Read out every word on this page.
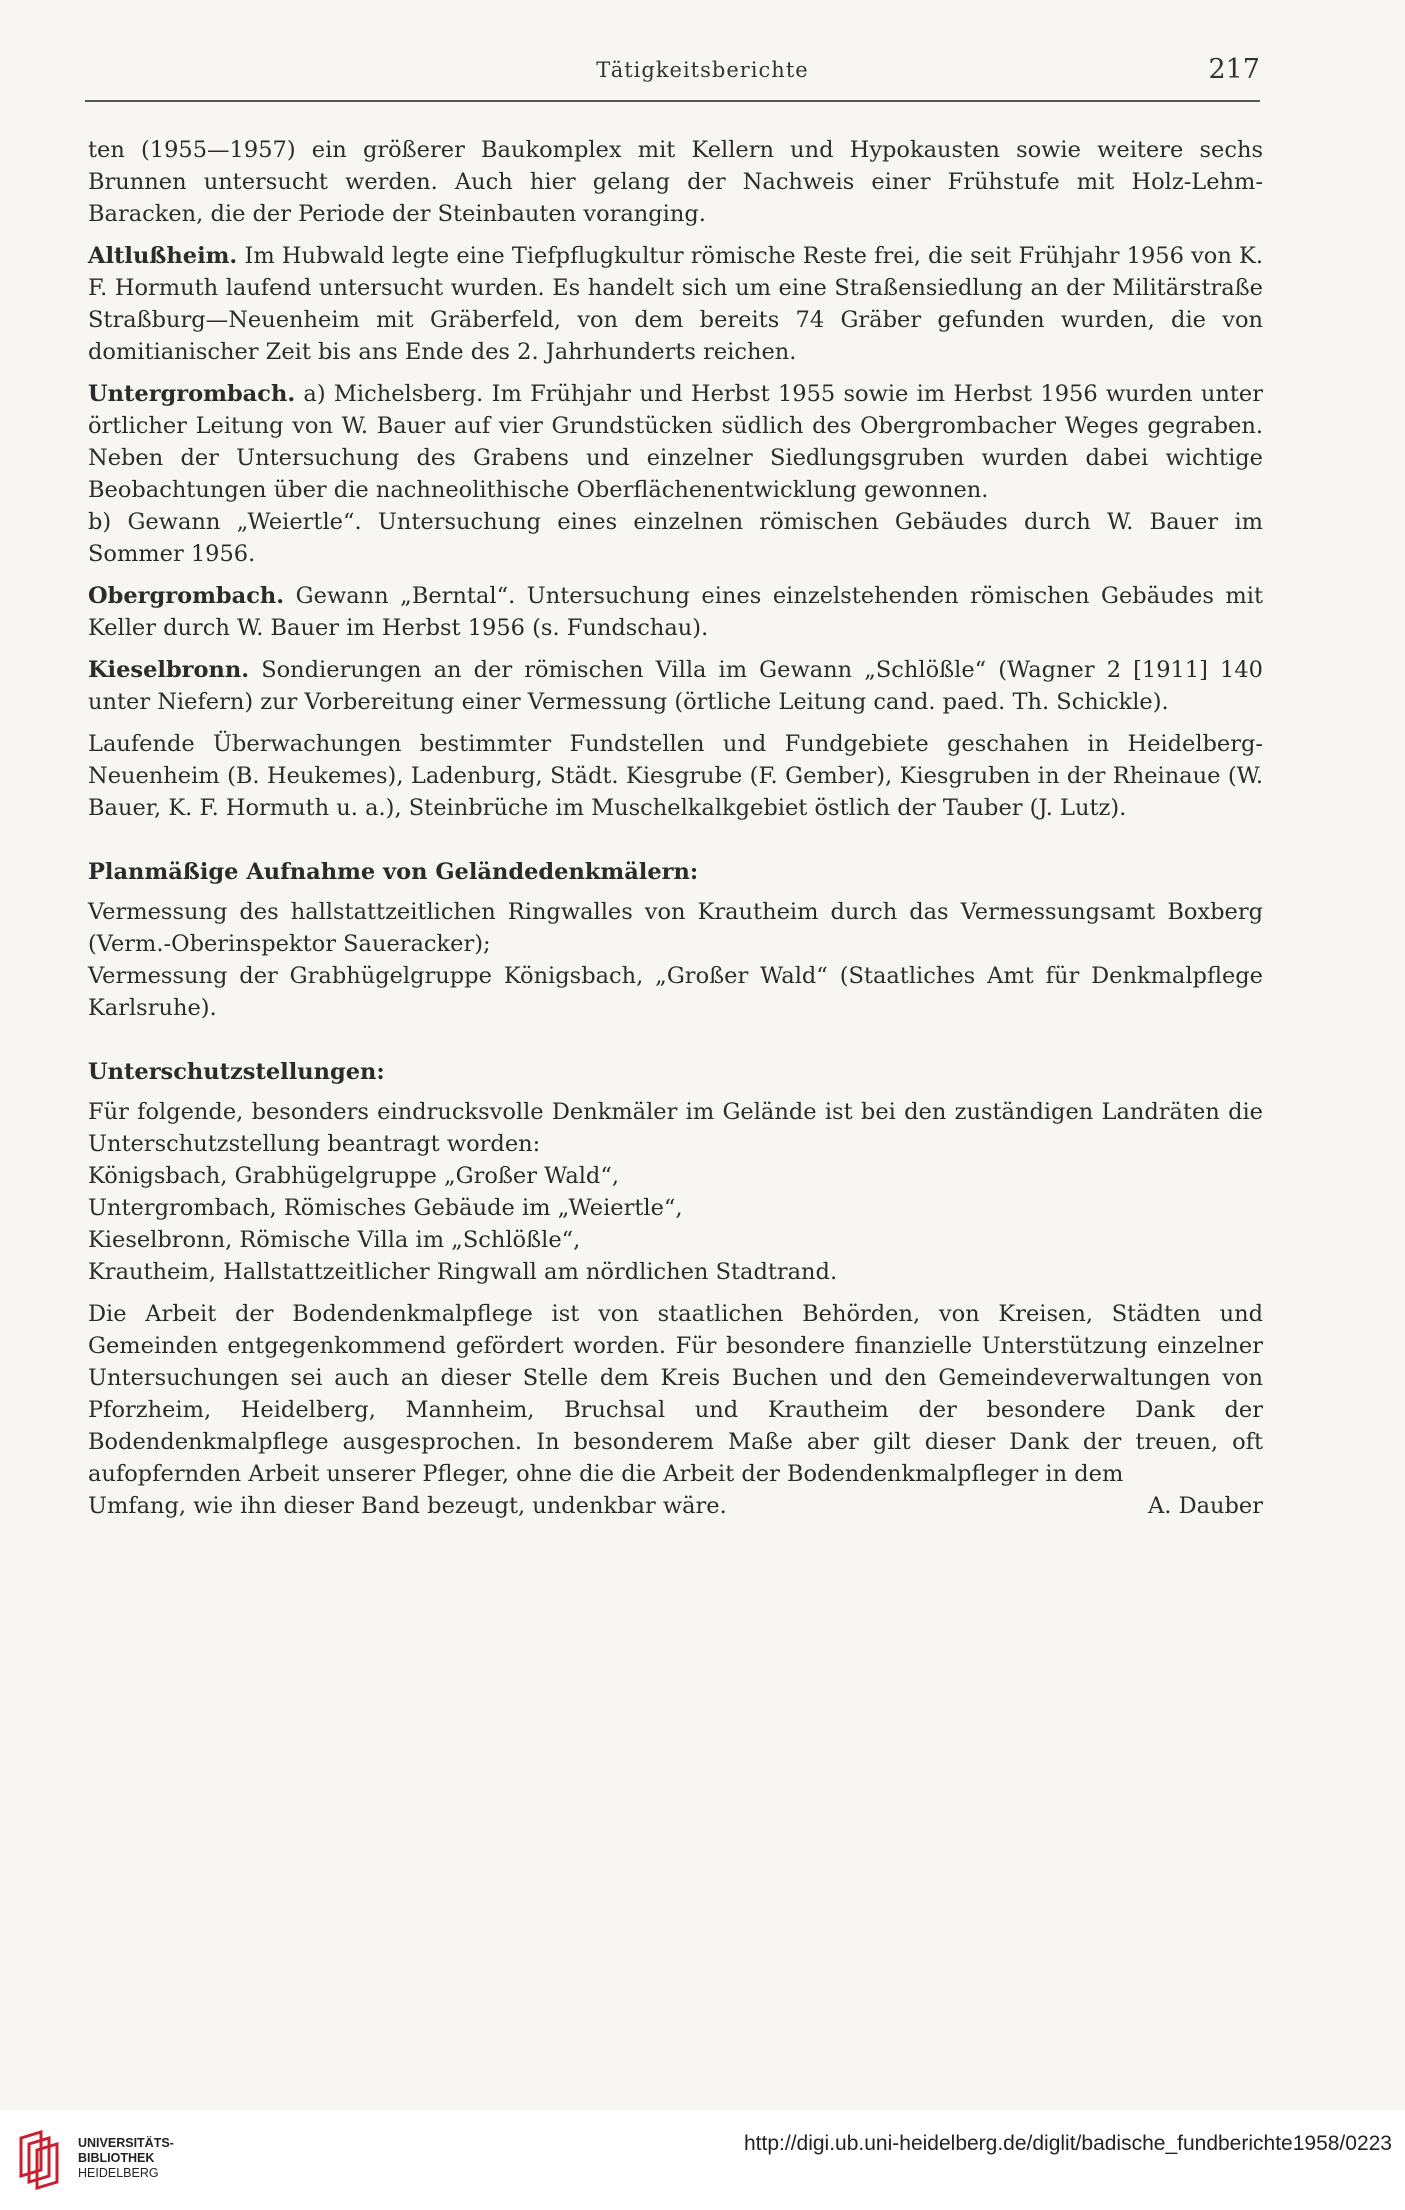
Tätigkeitsberichte	217

ten (1955—1957) ein größerer Baukomplex mit Kellern und Hypokausten sowie weitere sechs Brunnen untersucht werden. Auch hier gelang der Nachweis einer Frühstufe mit Holz-Lehm-Baracken, die der Periode der Steinbauten voranging.

Altlußheim. Im Hubwald legte eine Tiefpflugkultur römische Reste frei, die seit Frühjahr 1956 von K. F. Hormuth laufend untersucht wurden. Es handelt sich um eine Straßensiedlung an der Militärstraße Straßburg—Neuenheim mit Gräberfeld, von dem bereits 74 Gräber gefunden wurden, die von domitianischer Zeit bis ans Ende des 2. Jahrhunderts reichen.

Untergrombach. a) Michelsberg. Im Frühjahr und Herbst 1955 sowie im Herbst 1956 wurden unter örtlicher Leitung von W. Bauer auf vier Grundstücken südlich des Obergrombacher Weges gegraben. Neben der Untersuchung des Grabens und einzelner Siedlungsgruben wurden dabei wichtige Beobachtungen über die nachneolithische Oberflächenentwicklung gewonnen.

b) Gewann „Weiertle“. Untersuchung eines einzelnen römischen Gebäudes durch W. Bauer im Sommer 1956.

Obergrombach. Gewann „Berntal“. Untersuchung eines einzelstehenden römischen Gebäudes mit Keller durch W. Bauer im Herbst 1956 (s. Fundschau).

Kieselbronn. Sondierungen an der römischen Villa im Gewann „Schlößle“ (Wagner 2 [1911] 140 unter Niefern) zur Vorbereitung einer Vermessung (örtliche Leitung cand. paed. Th. Schickle).

Laufende Überwachungen bestimmter Fundstellen und Fundgebiete geschahen in Heidelberg-Neuenheim (B. Heukemes), Ladenburg, Städt. Kiesgrube (F. Gember), Kiesgruben in der Rheinaue (W. Bauer, K. F. Hormuth u. a.), Steinbrüche im Muschelkalkgebiet östlich der Tauber (J. Lutz).

Planmäßige Aufnahme von Geländedenkmälern:

Vermessung des hallstattzeitlichen Ringwalles von Krautheim durch das Vermessungsamt Boxberg (Verm.-Oberinspektor Saueracker);

Vermessung der Grabhügelgruppe Königsbach, „Großer Wald“ (Staatliches Amt für Denkmalpflege Karlsruhe).

Unterschutzstellungen:

Für folgende, besonders eindrucksvolle Denkmäler im Gelände ist bei den zuständigen Landräten die Unterschutzstellung beantragt worden:

Königsbach, Grabhügelgruppe „Großer Wald“,

Untergrombach, Römisches Gebäude im „Weiertle“,

Kieselbronn, Römische Villa im „Schlößle“,

Krautheim, Hallstattzeitlicher Ringwall am nördlichen Stadtrand.

Die Arbeit der Bodendenkmalpflege ist von staatlichen Behörden, von Kreisen, Städten und Gemeinden entgegenkommend gefördert worden. Für besondere finanzielle Unterstützung einzelner Untersuchungen sei auch an dieser Stelle dem Kreis Buchen und den Gemeindeverwaltungen von Pforzheim, Heidelberg, Mannheim, Bruchsal und Krautheim der besondere Dank der Bodendenkmalpflege ausgesprochen. In besonderem Maße aber gilt dieser Dank der treuen, oft aufopfernden Arbeit unserer Pfleger, ohne die die Arbeit der Bodendenkmalpfleger in dem

Umfang, wie ihn dieser Band bezeugt, undenkbar wäre.	A. Dauber
UNIVERSITÄTS-
BIBLIOTHEK
HEIDELBERG
http://digi.ub.uni-heidelberg.de/diglit/badische_fundberichte1958/0223
